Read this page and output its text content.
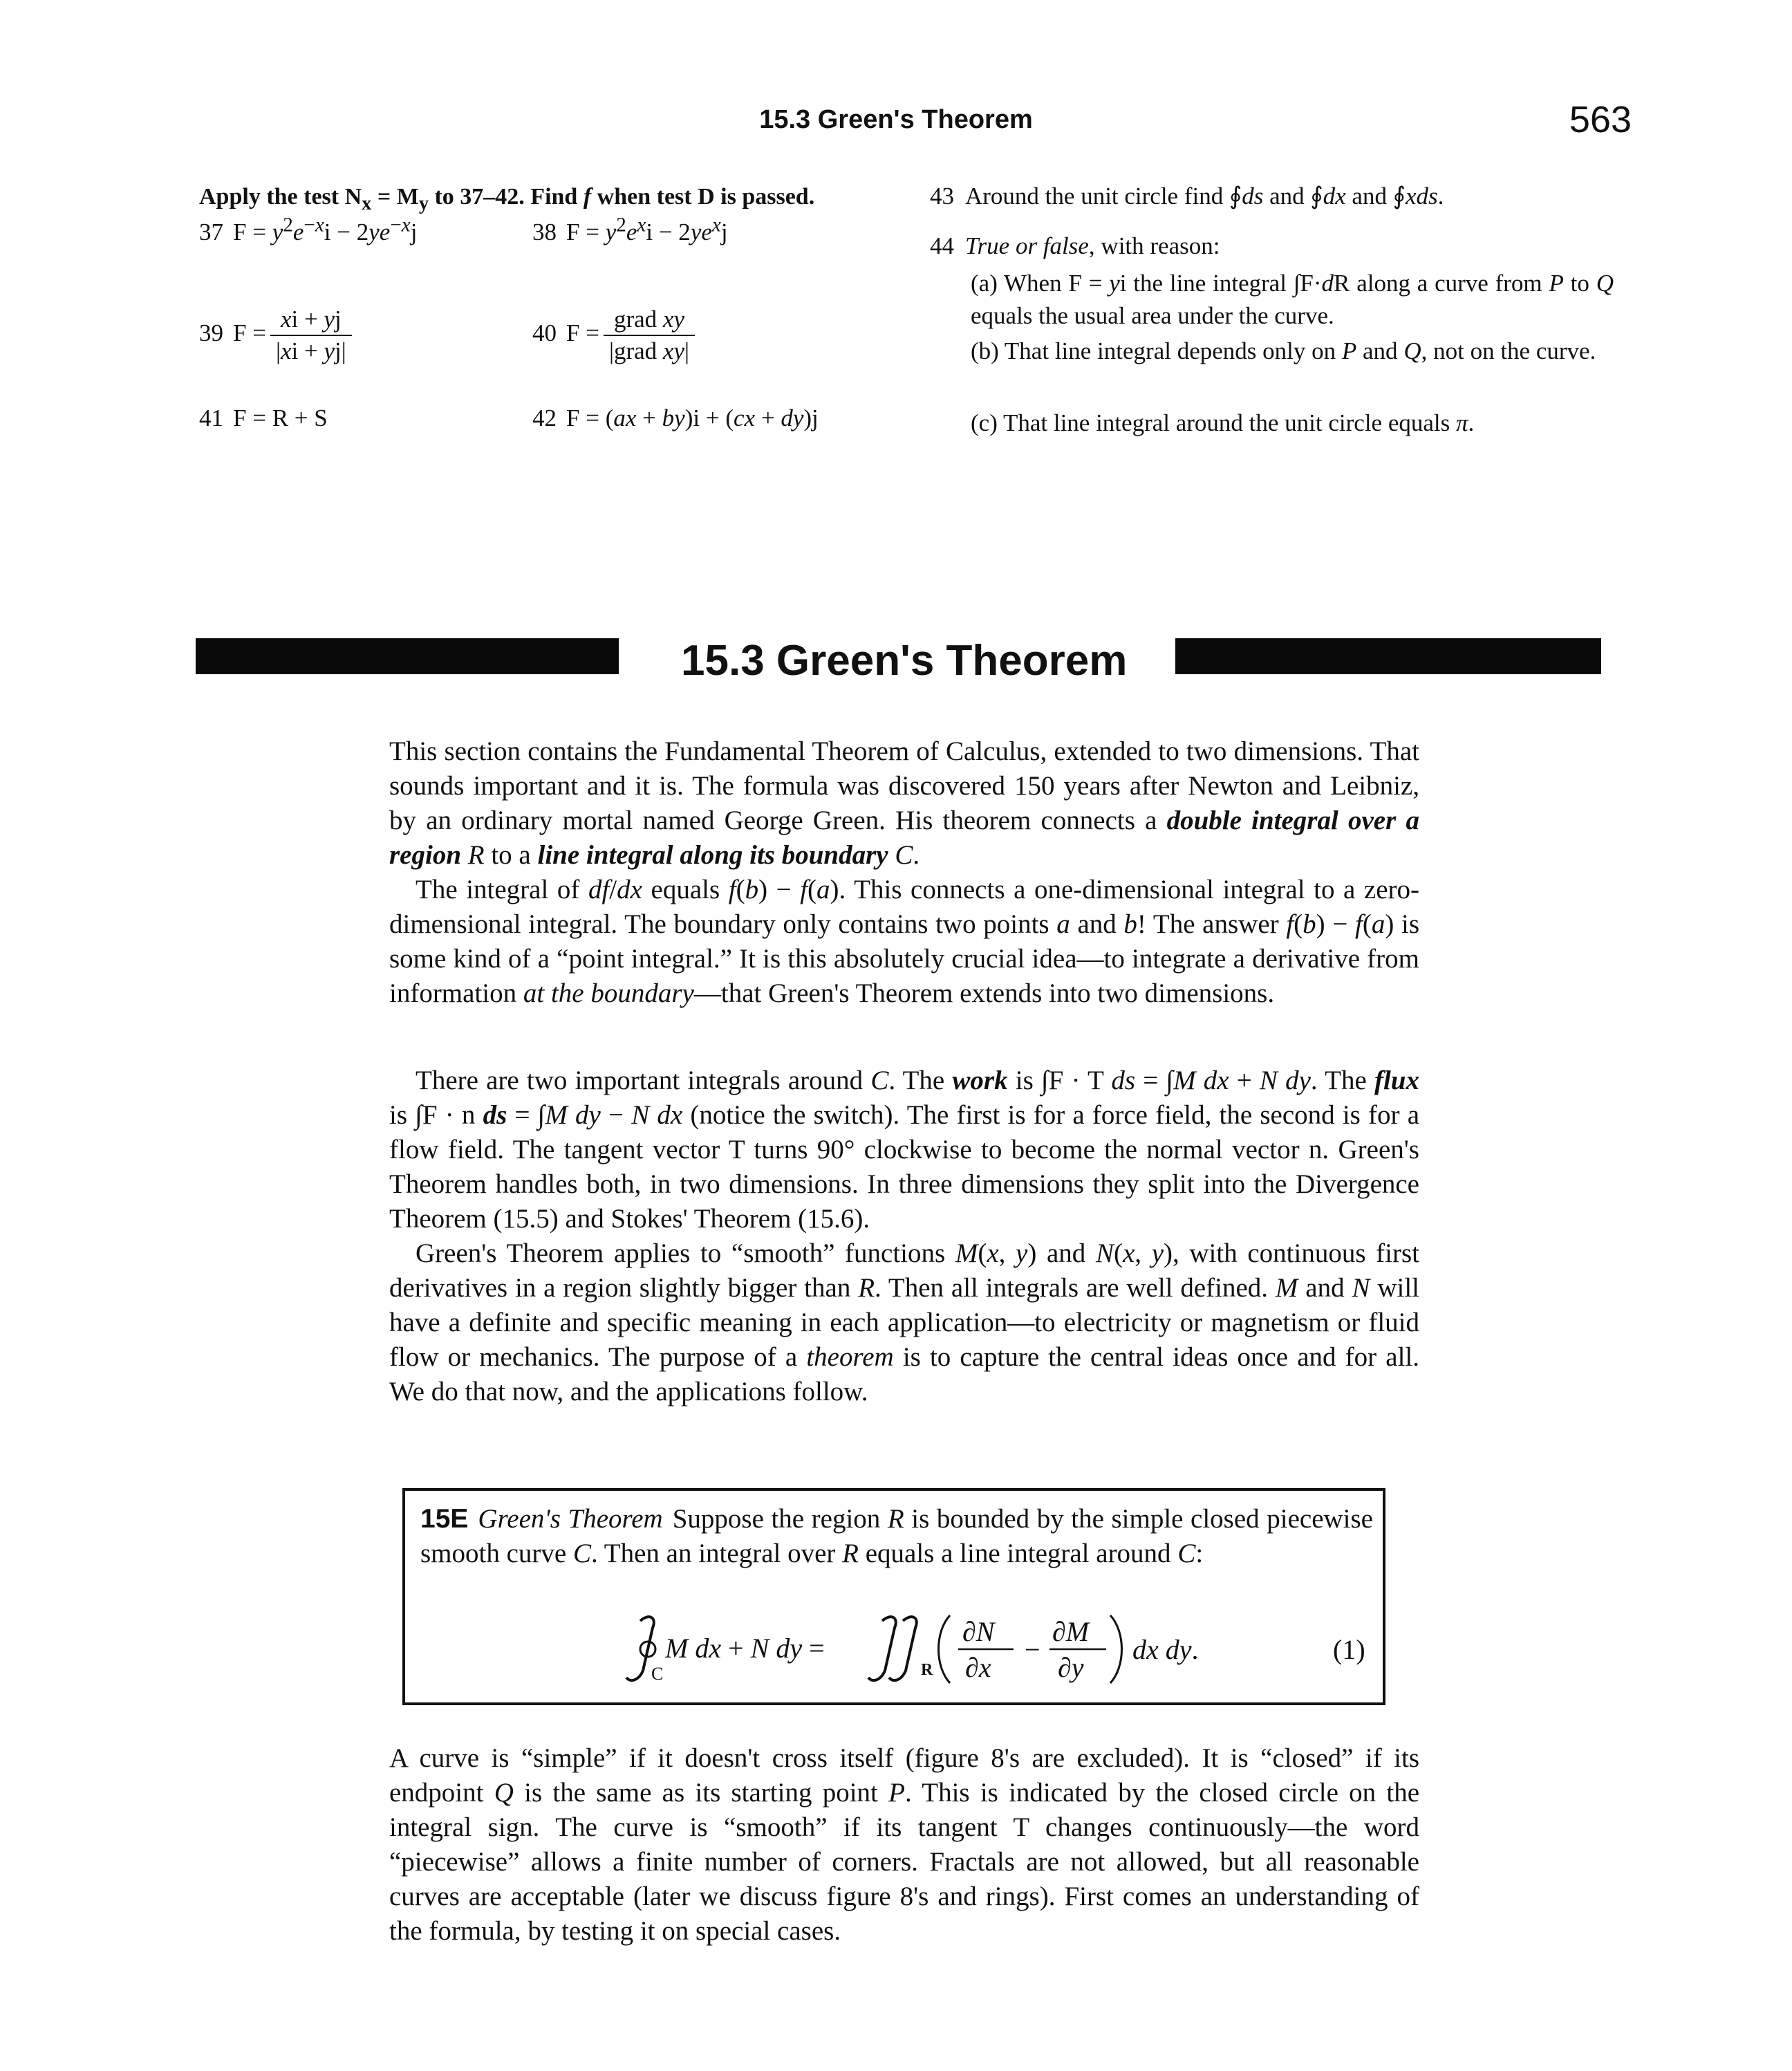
15.3 Green's Theorem	563
Apply the test $N_x = M_y$ to 37–42. Find f when test D is passed.
37 $F = y^2e^{-x}i - 2ye^{-x}j$	38 $F = y^2e^xi - 2ye^xj$
39 $F = \frac{xi + yj}{|xi + yj|}$	40 $F = \frac{\text{grad xy}}{\text{|grad xy|}}$
41 F = R + S	42 F = (ax + by)i + (cx + dy)j
43 Around the unit circle find ∮ds and ∮dx and ∮xds.
44 True or false, with reason:
(a) When F = yi the line integral ∫F·dR along a curve from P to Q equals the usual area under the curve.
(b) That line integral depends only on P and Q, not on the curve.
(c) That line integral around the unit circle equals π.
15.3 Green's Theorem
This section contains the Fundamental Theorem of Calculus, extended to two dimensions. That sounds important and it is. The formula was discovered 150 years after Newton and Leibniz, by an ordinary mortal named George Green. His theorem connects a double integral over a region R to a line integral along its boundary C.
The integral of df/dx equals f(b) − f(a). This connects a one-dimensional integral to a zero-dimensional integral. The boundary only contains two points a and b! The answer f(b) − f(a) is some kind of a “point integral.” It is this absolutely crucial idea—to integrate a derivative from information at the boundary—that Green's Theorem extends into two dimensions.
There are two important integrals around C. The work is ∫F · T ds = ∫M dx + N dy. The flux is ∫F · n ds = ∫M dy − N dx (notice the switch). The first is for a force field, the second is for a flow field. The tangent vector T turns 90° clockwise to become the normal vector n. Green's Theorem handles both, in two dimensions. In three dimensions they split into the Divergence Theorem (15.5) and Stokes' Theorem (15.6).
Green's Theorem applies to “smooth” functions M(x, y) and N(x, y), with continuous first derivatives in a region slightly bigger than R. Then all integrals are well defined. M and N will have a definite and specific meaning in each application—to electricity or magnetism or fluid flow or mechanics. The purpose of a theorem is to capture the central ideas once and for all. We do that now, and the applications follow.
15E Green's Theorem Suppose the region R is bounded by the simple closed piecewise smooth curve C. Then an integral over R equals a line integral around C:
C
M dx + N dy =
R
∂N
∂x
−
∂M
∂y
dx dy.	(1)
A curve is “simple” if it doesn't cross itself (figure 8's are excluded). It is “closed” if its endpoint Q is the same as its starting point P. This is indicated by the closed circle on the integral sign. The curve is “smooth” if its tangent T changes continuously—the word “piecewise” allows a finite number of corners. Fractals are not allowed, but all reasonable curves are acceptable (later we discuss figure 8's and rings). First comes an understanding of the formula, by testing it on special cases.
